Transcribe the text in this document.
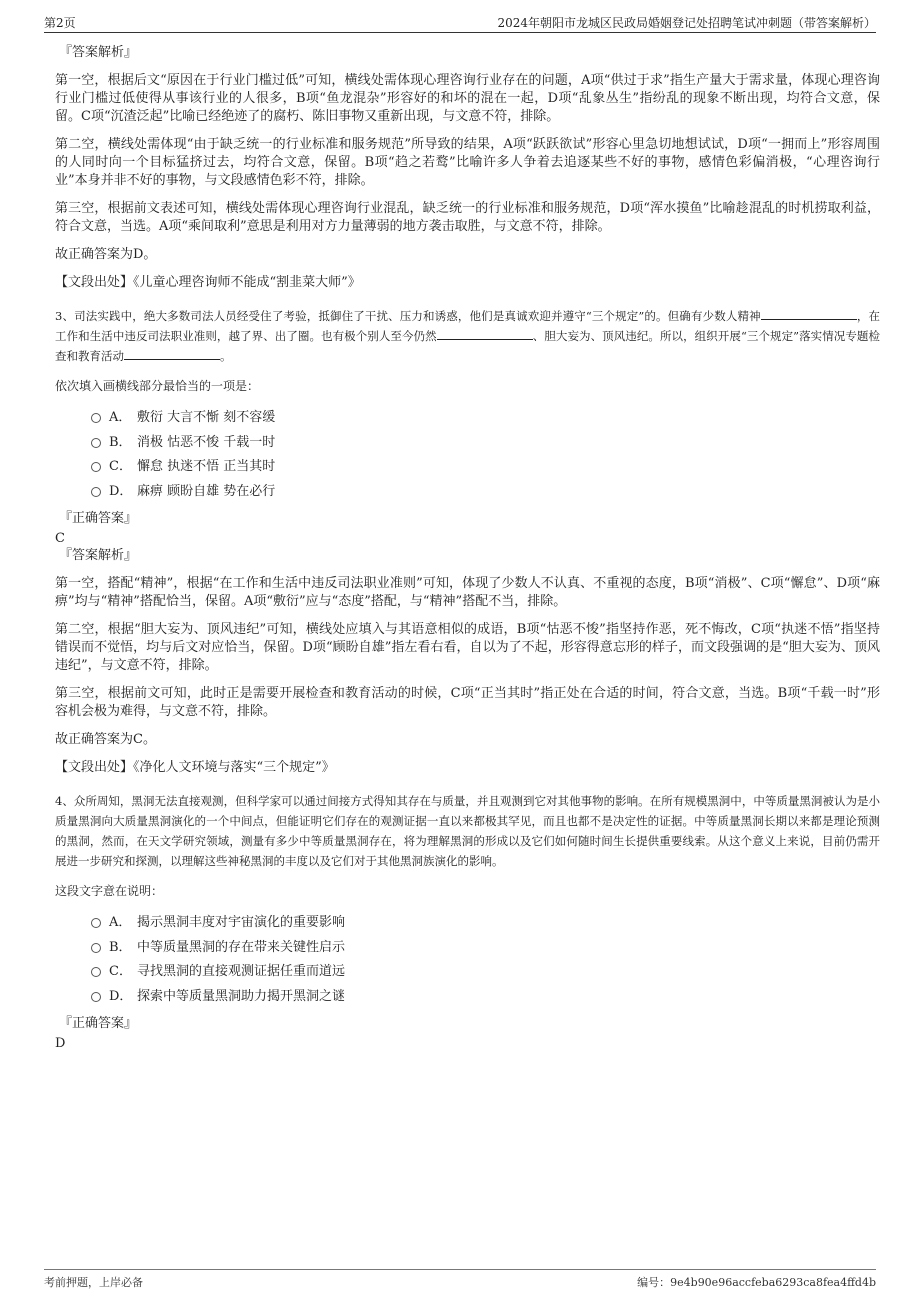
第2页	2024年朝阳市龙城区民政局婚姻登记处招聘笔试冲刺题（带答案解析）
『答案解析』

第一空，根据后文“原因在于行业门槛过低”可知，横线处需体现心理咨询行业存在的问题，A项“供过于求”指生产量大于需求量，体现心理咨询行业门槛过低使得从事该行业的人很多，B项“鱼龙混杂”形容好的和坏的混在一起，D项“乱象丛生”指纷乱的现象不断出现，均符合文意，保留。C项“沉渣泛起”比喻已经绝迹了的腐朽、陈旧事物又重新出现，与文意不符，排除。

第二空，横线处需体现“由于缺乏统一的行业标准和服务规范”所导致的结果，A项“跃跃欲试”形容心里急切地想试试，D项“一拥而上”形容周围的人同时向一个目标猛挤过去，均符合文意，保留。B项“趋之若鹜”比喻许多人争着去追逐某些不好的事物，感情色彩偏消极，“心理咨询行业”本身并非不好的事物，与文段感情色彩不符，排除。

第三空，根据前文表述可知，横线处需体现心理咨询行业混乱，缺乏统一的行业标准和服务规范，D项“浑水摸鱼”比喻趁混乱的时机捞取利益，符合文意，当选。A项“乘间取利”意思是利用对方力量薄弱的地方袭击取胜，与文意不符，排除。

故正确答案为D。

【文段出处】《儿童心理咨询师不能成“割韭菜大师”》

3、司法实践中，绝大多数司法人员经受住了考验，抵御住了干扰、压力和诱惑，他们是真诚欢迎并遵守“三个规定”的。但确有少数人精神	，在工作和生活中违反司法职业准则，越了界、出了圈。也有极个别人至今仍然	、胆大妄为、顶风违纪。所以，组织开展“三个规定”落实情况专题检查和教育活动	。

依次填入画横线部分最恰当的一项是：
A． 敷衍 大言不惭 刻不容缓
B． 消极 怙恶不悛 千载一时
C． 懈怠 执迷不悟 正当其时
D． 麻痹 顾盼自雄 势在必行
『正确答案』
C
『答案解析』

第一空，搭配“精神”，根据“在工作和生活中违反司法职业准则”可知，体现了少数人不认真、不重视的态度，B项“消极”、C项“懈怠”、D项“麻痹”均与“精神”搭配恰当，保留。A项“敷衍”应与“态度”搭配，与“精神”搭配不当，排除。

第二空，根据“胆大妄为、顶风违纪”可知，横线处应填入与其语意相似的成语，B项“怙恶不悛”指坚持作恶，死不悔改，C项“执迷不悟”指坚持错误而不觉悟，均与后文对应恰当，保留。D项“顾盼自雄”指左看右看，自以为了不起，形容得意忘形的样子，而文段强调的是“胆大妄为、顶风违纪”，与文意不符，排除。

第三空，根据前文可知，此时正是需要开展检查和教育活动的时候，C项“正当其时”指正处在合适的时间，符合文意，当选。B项“千载一时”形容机会极为难得，与文意不符，排除。

故正确答案为C。

【文段出处】《净化人文环境与落实“三个规定”》

4、众所周知，黑洞无法直接观测，但科学家可以通过间接方式得知其存在与质量，并且观测到它对其他事物的影响。在所有规模黑洞中，中等质量黑洞被认为是小质量黑洞向大质量黑洞演化的一个中间点，但能证明它们存在的观测证据一直以来都极其罕见，而且也都不是决定性的证据。中等质量黑洞长期以来都是理论预测的黑洞，然而，在天文学研究领域，测量有多少中等质量黑洞存在，将为理解黑洞的形成以及它们如何随时间生长提供重要线索。从这个意义上来说，目前仍需开展进一步研究和探测，以理解这些神秘黑洞的丰度以及它们对于其他黑洞族演化的影响。

这段文字意在说明：
A． 揭示黑洞丰度对宇宙演化的重要影响
B． 中等质量黑洞的存在带来关键性启示
C． 寻找黑洞的直接观测证据任重而道远
D． 探索中等质量黑洞助力揭开黑洞之谜
『正确答案』
D
考前押题，上岸必备	编号：9e4b90e96accfeba6293ca8fea4ffd4b
